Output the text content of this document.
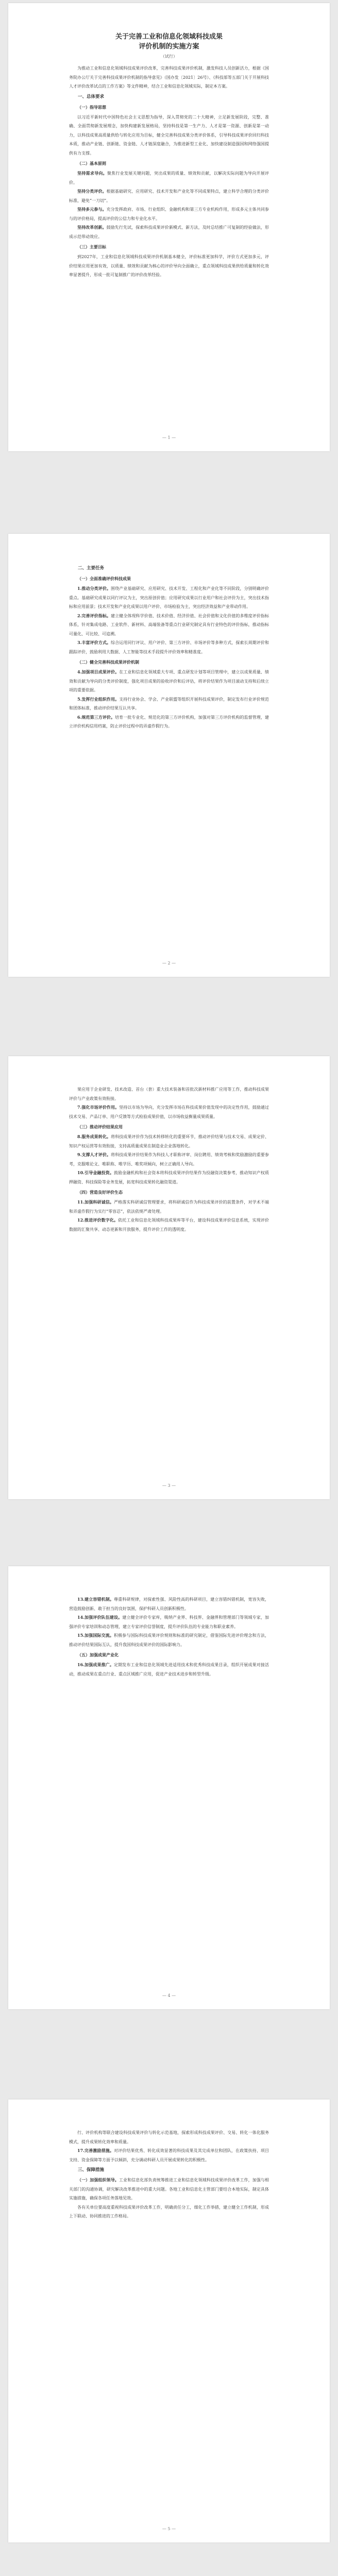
关于完善工业和信息化领域科技成果
评价机制的实施方案
（试行）
为推动工业和信息化领域科技成果评价改革，完善科技成果评价机制，激发科技人员创新活力，根据《国务院办公厅关于完善科技成果评价机制的指导意见》（国办发〔2021〕26号）、《科技部等五部门关于开展科技人才评价改革试点的工作方案》等文件精神，结合工业和信息化领域实际，制定本方案。
一、总体要求
（一）指导思想
以习近平新时代中国特色社会主义思想为指导，深入贯彻党的二十大精神，立足新发展阶段，完整、准确、全面贯彻新发展理念，加快构建新发展格局，坚持科技是第一生产力、人才是第一资源、创新是第一动力，以科技成果高质量供给与转化应用为目标，健全完善科技成果分类评价体系，引导科技成果评价回归科技本质，推动产业链、创新链、资金链、人才链深度融合，为推进新型工业化、加快建设制造强国和网络强国提供有力支撑。
（二）基本原则
坚持需求导向。聚焦行业发展关键问题，突出成果的质量、绩效和贡献，以解决实际问题为导向开展评价。
坚持分类评价。根据基础研究、应用研究、技术开发和产业化等不同成果特点，建立科学合理的分类评价标准，避免“一刀切”。
坚持多元参与。充分发挥政府、市场、行业组织、金融机构和第三方专业机构作用，形成多元主体共同参与的评价格局，提高评价的公信力和专业化水平。
坚持改革创新。鼓励先行先试，探索科技成果评价新模式、新方法，及时总结推广可复制的经验做法，形成示范带动效应。
（三）主要目标
到2027年，工业和信息化领域科技成果评价机制基本健全，评价标准更加科学，评价方式更加多元，评价结果应用更加有效，以质量、绩效和贡献为核心的评价导向全面确立，重点领域科技成果供给质量和转化效率显著提升，形成一批可复制推广的评价改革经验。
— 1 —
二、主要任务
（一）全面准确评价科技成果
1.推动分类评价。围绕产业基础研究、应用研究、技术开发、工程化和产业化等不同阶段，分别明确评价重点。基础研究成果以同行评议为主，突出原创价值；应用研究成果以行业用户和社会评价为主，突出技术指标和应用前景；技术开发和产业化成果以用户评价、市场检验为主，突出经济效益和产业带动作用。
2.完善评价指标。建立健全体现科学价值、技术价值、经济价值、社会价值和文化价值的多维度评价指标体系，针对集成电路、工业软件、新材料、高端装备等重点行业研究制定具有行业特色的评价指标，推动指标可量化、可比较、可追溯。
3.丰富评价方式。综合运用同行评议、用户评价、第三方评价、市场评价等多种方式，探索长周期评价和跟踪评价，鼓励利用大数据、人工智能等技术手段提升评价效率和精准度。
（二）健全完善科技成果评价机制
4.加强项目成果评价。在工业和信息化领域重大专项、重点研发计划等项目管理中，建立以成果质量、绩效和贡献为导向的分类评价制度，强化项目成果的验收评价和后评估，将评价结果作为项目滚动支持和后续立项的重要依据。
5.发挥行业组织作用。支持行业协会、学会、产业联盟等组织开展科技成果评价，制定发布行业评价规范和团体标准，推动评价结果互认共享。
6.规范第三方评价。培育一批专业化、规范化的第三方评价机构，加强对第三方评价机构的监督管理，建立评价机构信用档案，防止评价过程中的弄虚作假行为。
— 2 —
果应用于企业研发、技术改造、首台（套）重大技术装备和首批次新材料推广应用等工作，推动科技成果评价与产业政策有效衔接。
7.强化市场评价作用。坚持以市场为导向，充分发挥市场在科技成果价值发现中的决定性作用，鼓励通过技术交易、产品订单、用户反馈等方式检验成果价值，以市场收益衡量成果质量。
（三）推动评价结果应用
8.服务成果转化。将科技成果评价作为技术转移转化的重要环节，推动评价结果与技术交易、成果定价、知识产权运营等有效衔接，支持高质量成果在制造业企业落地转化。
9.支撑人才评价。将科技成果评价结果作为科技人才职称评审、岗位聘用、绩效考核和奖励激励的重要参考，克服唯论文、唯职称、唯学历、唯奖项倾向，树立正确用人导向。
10.引导金融投资。鼓励金融机构和社会资本将科技成果评价结果作为投融资决策参考，推动知识产权质押融资、科技保险等业务发展，拓宽科技成果转化融资渠道。
（四）营造良好评价生态
11.加强科研诚信。严格落实科研诚信管理要求，将科研诚信作为科技成果评价的前置条件，对学术不端和弄虚作假行为实行“零容忍”，依法依规严肃处理。
12.推进评价数字化。依托工业和信息化领域科技成果库等平台，建设科技成果评价信息系统，实现评价数据的汇聚共享、动态更新和开放服务，提升评价工作的透明度。
— 3 —
13.建立容错机制。尊重科研规律，对探索性强、风险性高的科研项目，建立容错纠错机制，宽容失败，营造鼓励创新、敢于担当的良好氛围，保护科研人员创新积极性。
14.加强评价队伍建设。建立健全评价专家库，吸纳产业界、科技界、金融界和管理部门等领域专家，加强评价专家培训和动态管理，建立专家评价信誉制度，提升评价队伍的专业能力和职业素养。
15.加强国际交流。积极参与国际科技成果评价规则和标准的研究制定，借鉴国际先进评价理念和方法，推动评价结果国际互认，提升我国科技成果评价的国际影响力。
（五）加强成果产业化
16.加强成果推广。定期发布工业和信息化领域先进适用技术和优秀科技成果目录，组织开展成果对接活动，推动成果在重点行业、重点区域推广应用，促进产业技术进步和转型升级。
— 4 —
行、评价机构等联合建设科技成果评价与转化示范基地，探索形成科技成果评价、交易、转化一体化服务模式，提升成果转化效率和质量。
17.完善激励措施。对评价结果优秀、转化成效显著的科技成果及其完成单位和团队，在政策扶持、项目支持、资金保障等方面予以倾斜，充分调动科研人员开展成果转化的积极性。
三、保障措施
（一）加强组织领导。工业和信息化部负责统筹推进工业和信息化领域科技成果评价改革工作，加强与相关部门的沟通协调，研究解决改革推进中的重大问题。各地工业和信息化主管部门要结合本地实际，制定具体实施措施，确保各项任务落地见效。
各有关单位要高度重视科技成果评价改革工作，明确责任分工，细化工作举措，建立健全工作机制，形成上下联动、协同推进的工作格局。
— 5 —
